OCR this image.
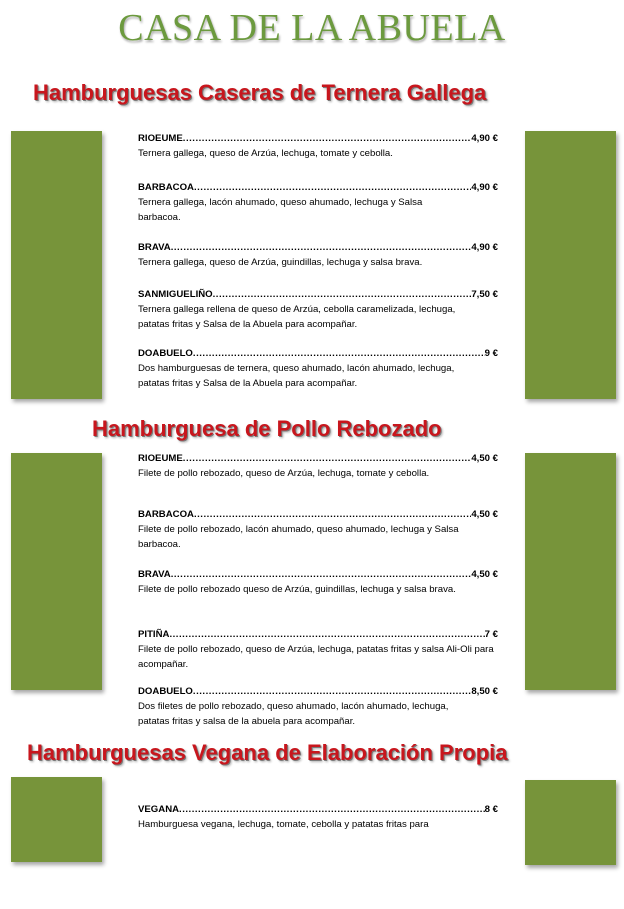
CASA DE LA ABUELA
Hamburguesas Caseras de Ternera Gallega
RIOEUME .....	4,90 €
Ternera gallega, queso de Arzúa, lechuga, tomate y cebolla.
BARBACOA .....	4,90 €
Ternera gallega, lacón ahumado, queso ahumado, lechuga y Salsa barbacoa.
BRAVA .....	4,90 €
Ternera gallega, queso de Arzúa, guindillas, lechuga y salsa brava.
SANMIGUELIÑO .....	7,50 €
Ternera gallega rellena de queso de Arzúa, cebolla caramelizada, lechuga, patatas fritas y Salsa de la Abuela para acompañar.
DOABUELO .....	9 €
Dos hamburguesas de ternera, queso ahumado, lacón ahumado, lechuga, patatas fritas y Salsa de la Abuela para acompañar.
Hamburguesa de Pollo Rebozado
RIOEUME .....	4,50 €
Filete de pollo rebozado, queso de Arzúa, lechuga, tomate y cebolla.
BARBACOA .....	4,50 €
Filete de pollo rebozado, lacón ahumado, queso ahumado, lechuga y Salsa barbacoa.
BRAVA .....	4,50 €
Filete de pollo rebozado queso de Arzúa, guindillas, lechuga y salsa brava.
PITIÑA .....	7 €
Filete de pollo rebozado, queso de Arzúa, lechuga, patatas fritas y salsa Ali-Oli para acompañar.
DOABUELO .....	8,50 €
Dos filetes de pollo rebozado, queso ahumado, lacón ahumado, lechuga, patatas fritas y salsa de la abuela para acompañar.
Hamburguesas Vegana de Elaboración Propia
VEGANA .....	8 €
Hamburguesa vegana, lechuga, tomate, cebolla y patatas fritas para
